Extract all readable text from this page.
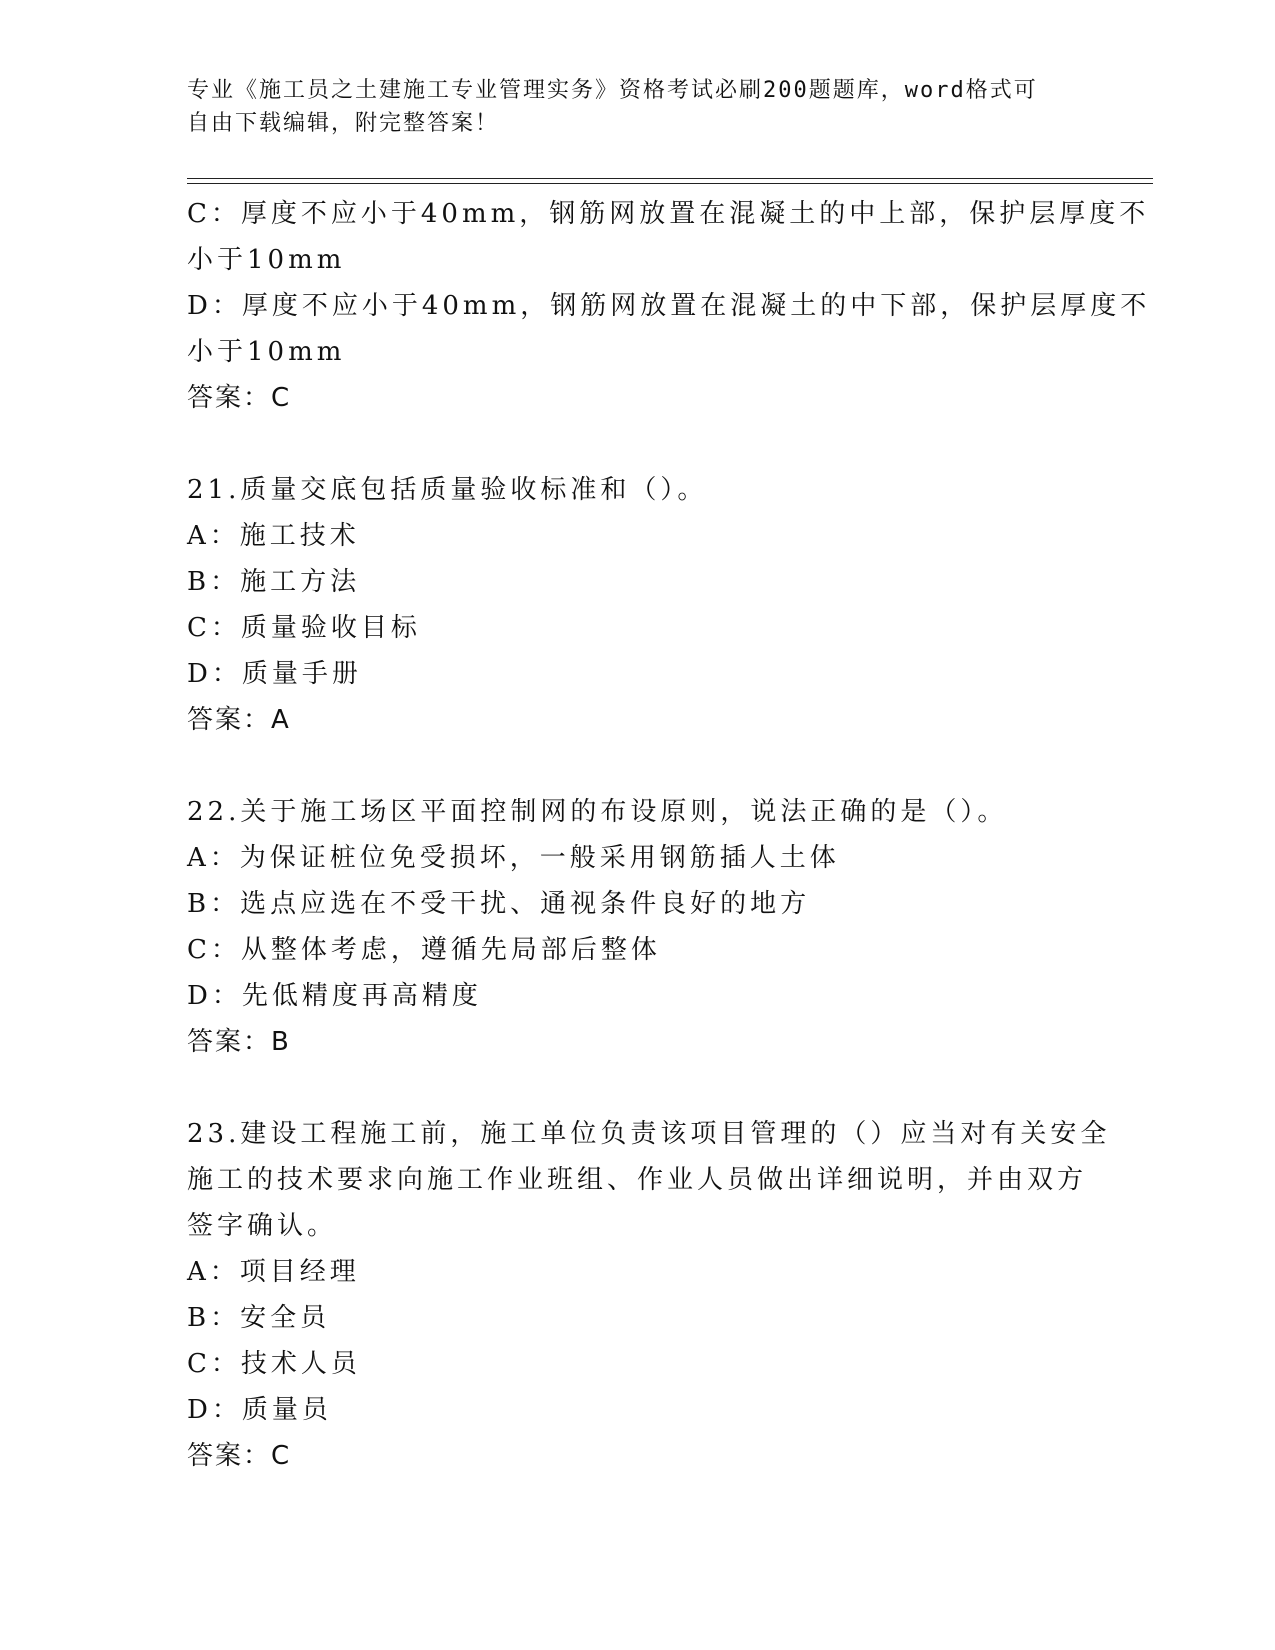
专业《施工员之土建施工专业管理实务》资格考试必刷200题题库，word格式可
自由下载编辑，附完整答案！
C：厚度不应小于40mm，钢筋网放置在混凝土的中上部，保护层厚度不
小于10mm
D：厚度不应小于40mm，钢筋网放置在混凝土的中下部，保护层厚度不
小于10mm
答案：C
21.质量交底包括质量验收标准和（）。
A：施工技术
B：施工方法
C：质量验收目标
D：质量手册
答案：A
22.关于施工场区平面控制网的布设原则，说法正确的是（）。
A：为保证桩位免受损坏，一般采用钢筋插人土体
B：选点应选在不受干扰、通视条件良好的地方
C：从整体考虑，遵循先局部后整体
D：先低精度再高精度
答案：B
23.建设工程施工前，施工单位负责该项目管理的（）应当对有关安全
施工的技术要求向施工作业班组、作业人员做出详细说明，并由双方
签字确认。
A：项目经理
B：安全员
C：技术人员
D：质量员
答案：C
